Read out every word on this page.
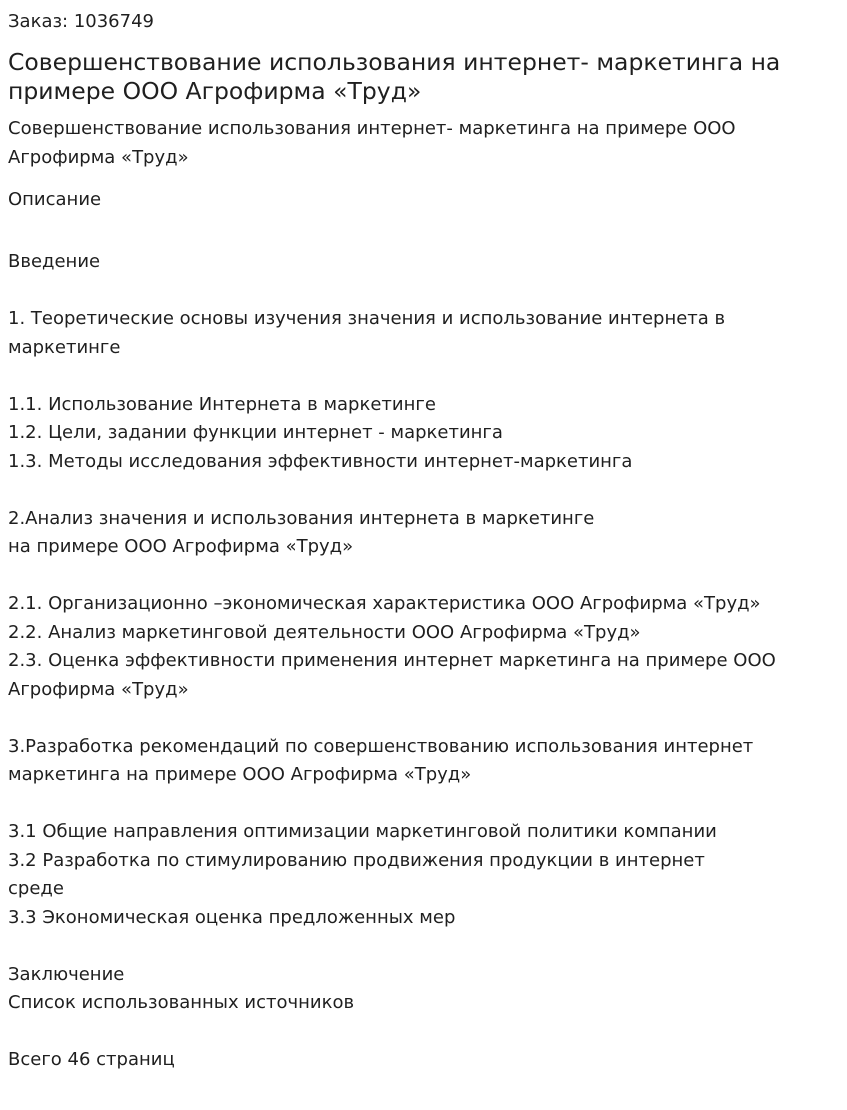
Заказ: 1036749
Совершенствование использования интернет- маркетинга на примере ООО Агрофирма «Труд»

Совершенствование использования интернет- маркетинга на примере ООО Агрофирма «Труд»

Описание
Введение
1. Теоретические основы изучения значения и использование интернета в
маркетинге
1.1. Использование Интернета в маркетинге
1.2. Цели, задании функции интернет - маркетинга
1.3. Методы исследования эффективности интернет-маркетинга
2.Анализ значения и использования интернета в маркетинге
на примере ООО Агрофирма «Труд»
2.1. Организационно –экономическая характеристика ООО Агрофирма «Труд»
2.2. Анализ маркетинговой деятельности ООО Агрофирма «Труд»
2.3. Оценка эффективности применения интернет маркетинга на примере ООО
Агрофирма «Труд»
3.Разработка рекомендаций по совершенствованию использования интернет
маркетинга на примере ООО Агрофирма «Труд»
3.1 Общие направления оптимизации маркетинговой политики компании
3.2 Разработка по стимулированию продвижения продукции в интернет
среде
3.3 Экономическая оценка предложенных мер
Заключение
Список использованных источников
Всего 46 страниц
